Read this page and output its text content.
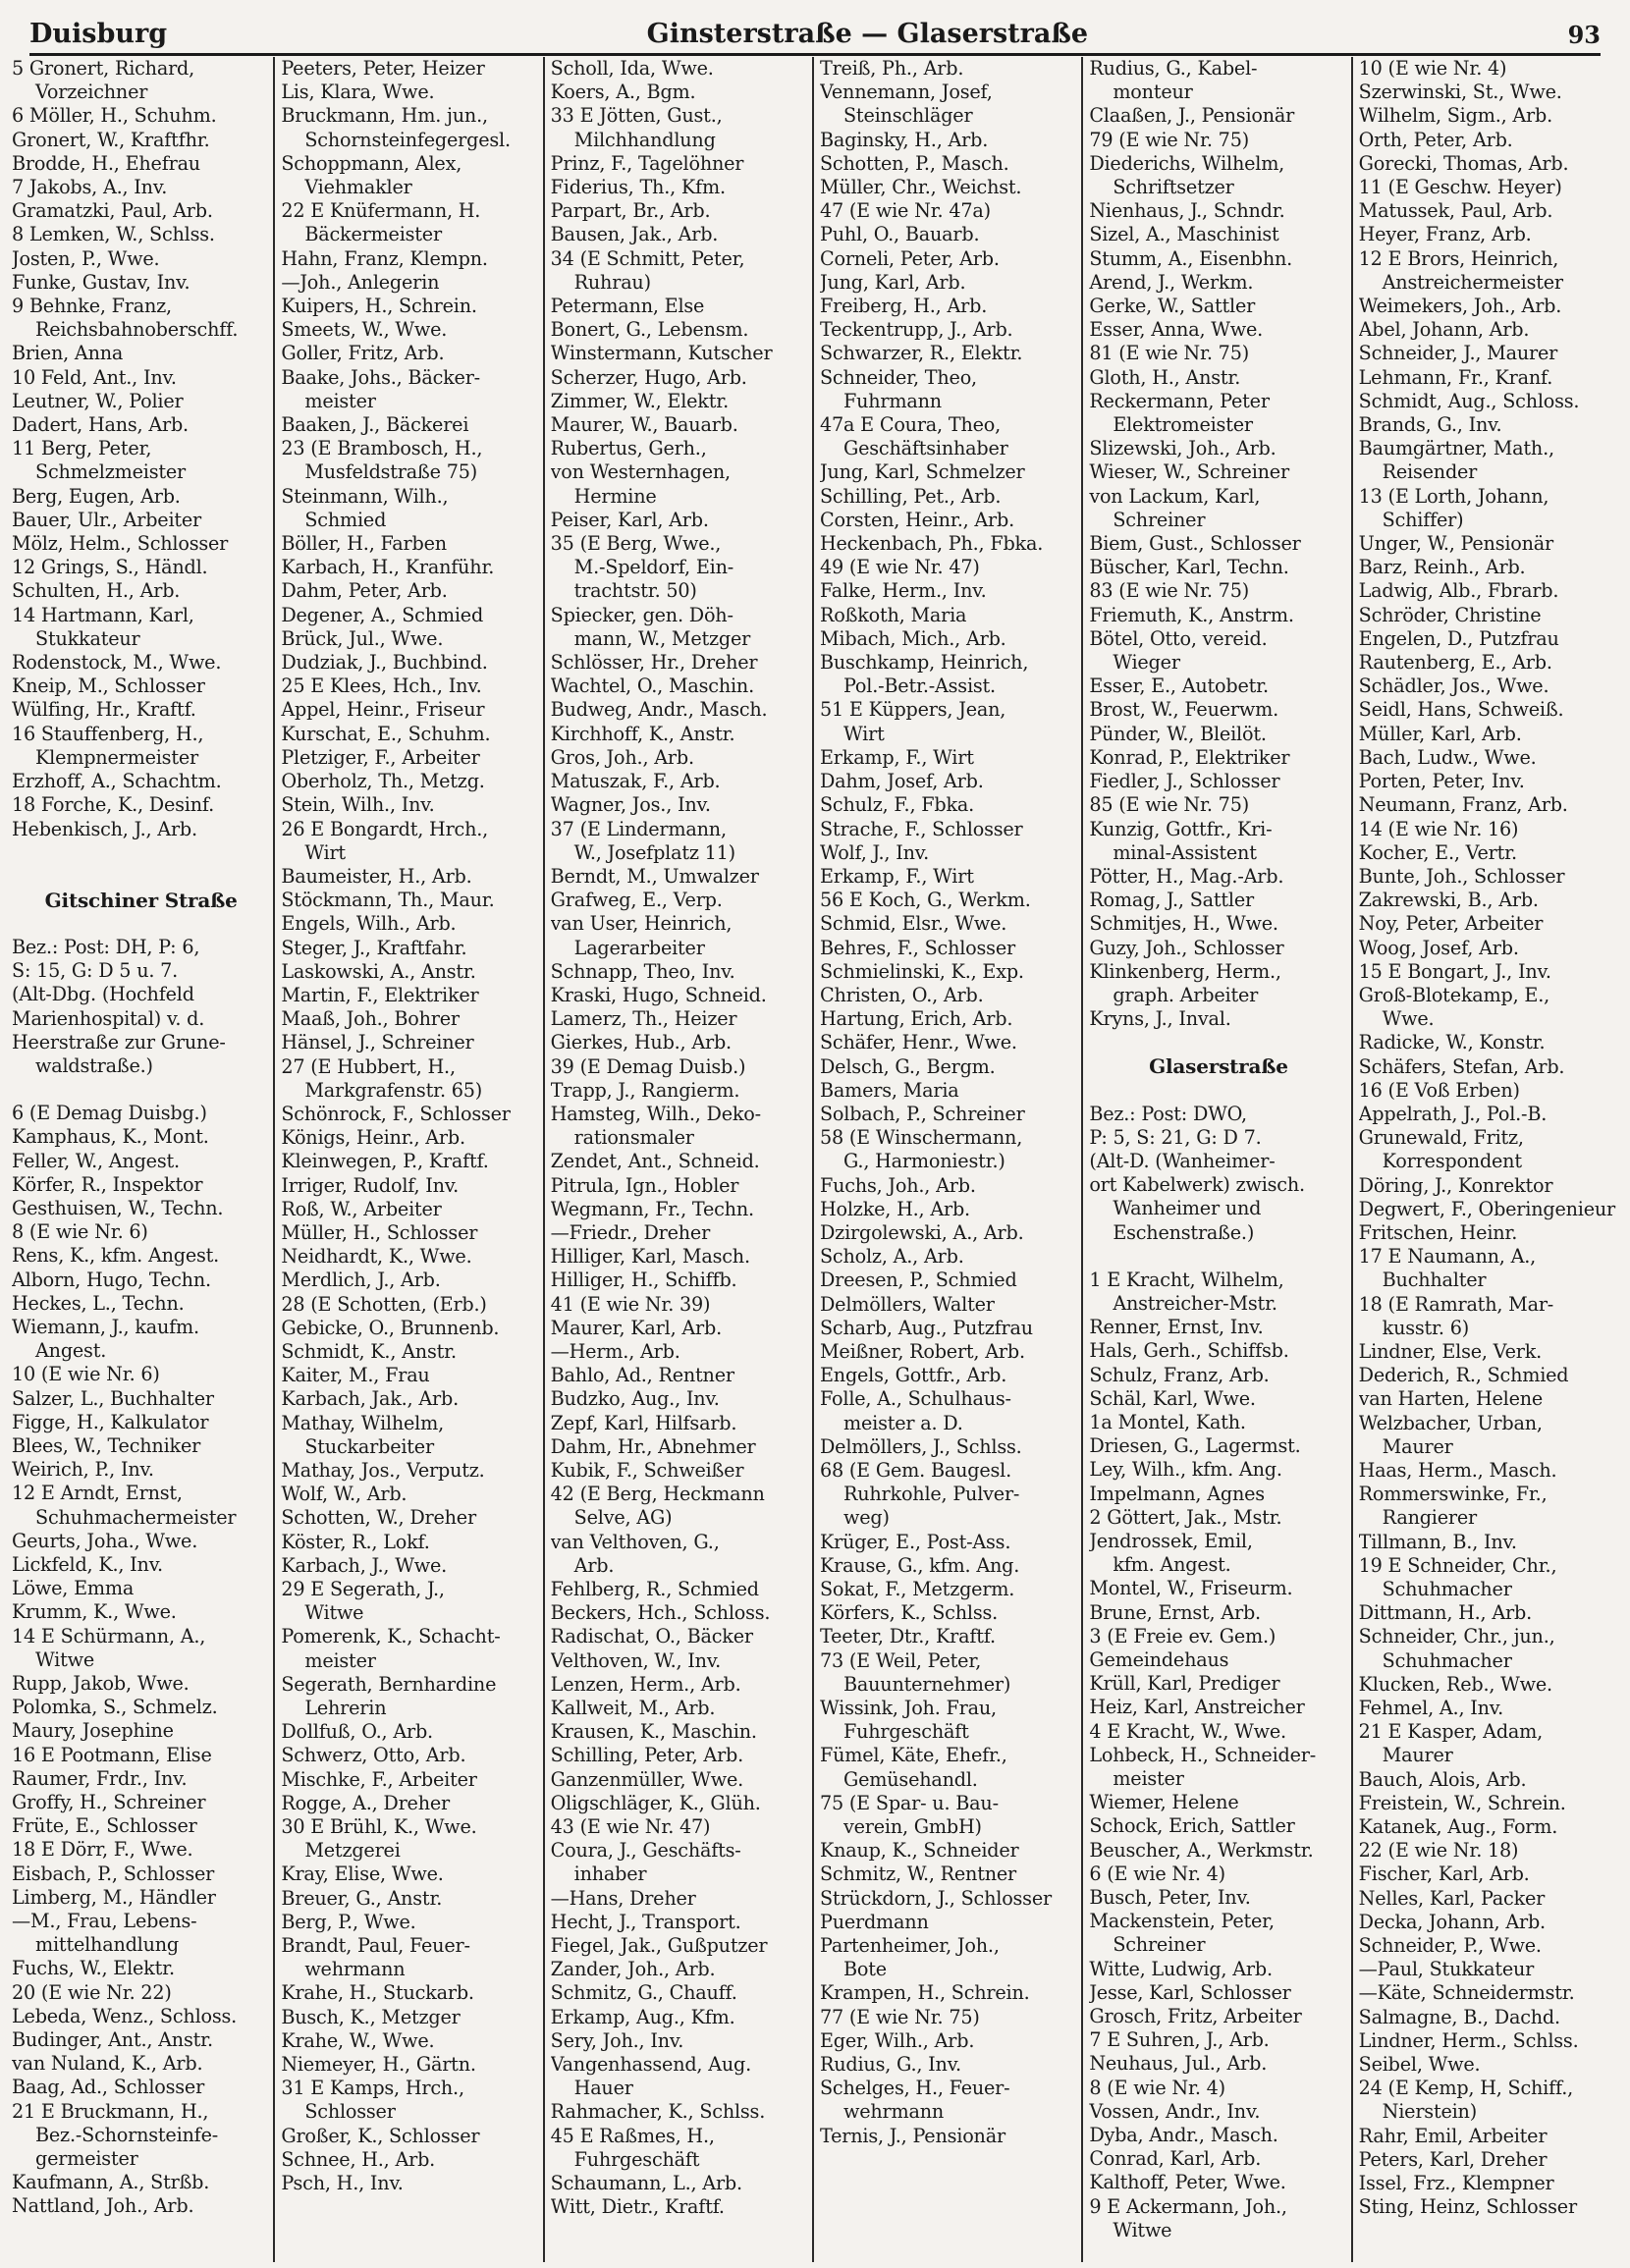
Duisburg	Ginsterstraße — Glaserstraße	93
5 Gronert, Richard,
Vorzeichner
6 Möller, H., Schuhm.
Gronert, W., Kraftfhr.
Brodde, H., Ehefrau
7 Jakobs, A., Inv.
Gramatzki, Paul, Arb.
8 Lemken, W., Schlss.
Josten, P., Wwe.
Funke, Gustav, Inv.
9 Behnke, Franz,
Reichsbahnoberschff.
Brien, Anna
10 Feld, Ant., Inv.
Leutner, W., Polier
Dadert, Hans, Arb.
11 Berg, Peter,
Schmelzmeister
Berg, Eugen, Arb.
Bauer, Ulr., Arbeiter
Mölz, Helm., Schlosser
12 Grings, S., Händl.
Schulten, H., Arb.
14 Hartmann, Karl,
Stukkateur
Rodenstock, M., Wwe.
Kneip, M., Schlosser
Wülfing, Hr., Kraftf.
16 Stauffenberg, H.,
Klempnermeister
Erzhoff, A., Schachtm.
18 Forche, K., Desinf.
Hebenkisch, J., Arb.
Gitschiner Straße
Bez.: Post: DH, P: 6,
S: 15, G: D 5 u. 7.
(Alt-Dbg. (Hochfeld
Marienhospital) v. d.
Heerstraße zur Grune-
waldstraße.)
6 (E Demag Duisbg.)
Kamphaus, K., Mont.
Feller, W., Angest.
Körfer, R., Inspektor
Gesthuisen, W., Techn.
8 (E wie Nr. 6)
Rens, K., kfm. Angest.
Alborn, Hugo, Techn.
Heckes, L., Techn.
Wiemann, J., kaufm.
Angest.
10 (E wie Nr. 6)
Salzer, L., Buchhalter
Figge, H., Kalkulator
Blees, W., Techniker
Weirich, P., Inv.
12 E Arndt, Ernst,
Schuhmachermeister
Geurts, Joha., Wwe.
Lickfeld, K., Inv.
Löwe, Emma
Krumm, K., Wwe.
14 E Schürmann, A.,
Witwe
Rupp, Jakob, Wwe.
Polomka, S., Schmelz.
Maury, Josephine
16 E Pootmann, Elise
Raumer, Frdr., Inv.
Groffy, H., Schreiner
Früte, E., Schlosser
18 E Dörr, F., Wwe.
Eisbach, P., Schlosser
Limberg, M., Händler
—M., Frau, Lebens-
mittelhandlung
Fuchs, W., Elektr.
20 (E wie Nr. 22)
Lebeda, Wenz., Schloss.
Budinger, Ant., Anstr.
van Nuland, K., Arb.
Baag, Ad., Schlosser
21 E Bruckmann, H.,
Bez.-Schornsteinfe-
germeister
Kaufmann, A., Strßb.
Nattland, Joh., Arb.
Peeters, Peter, Heizer
Lis, Klara, Wwe.
Bruckmann, Hm. jun.,
Schornsteinfegergesl.
Schoppmann, Alex,
Viehmakler
22 E Knüfermann, H.
Bäckermeister
Hahn, Franz, Klempn.
—Joh., Anlegerin
Kuipers, H., Schrein.
Smeets, W., Wwe.
Goller, Fritz, Arb.
Baake, Johs., Bäcker-
meister
Baaken, J., Bäckerei
23 (E Brambosch, H.,
Musfeldstraße 75)
Steinmann, Wilh.,
Schmied
Böller, H., Farben
Karbach, H., Kranführ.
Dahm, Peter, Arb.
Degener, A., Schmied
Brück, Jul., Wwe.
Dudziak, J., Buchbind.
25 E Klees, Hch., Inv.
Appel, Heinr., Friseur
Kurschat, E., Schuhm.
Pletziger, F., Arbeiter
Oberholz, Th., Metzg.
Stein, Wilh., Inv.
26 E Bongardt, Hrch.,
Wirt
Baumeister, H., Arb.
Stöckmann, Th., Maur.
Engels, Wilh., Arb.
Steger, J., Kraftfahr.
Laskowski, A., Anstr.
Martin, F., Elektriker
Maaß, Joh., Bohrer
Hänsel, J., Schreiner
27 (E Hubbert, H.,
Markgrafenstr. 65)
Schönrock, F., Schlosser
Königs, Heinr., Arb.
Kleinwegen, P., Kraftf.
Irriger, Rudolf, Inv.
Roß, W., Arbeiter
Müller, H., Schlosser
Neidhardt, K., Wwe.
Merdlich, J., Arb.
28 (E Schotten, (Erb.)
Gebicke, O., Brunnenb.
Schmidt, K., Anstr.
Kaiter, M., Frau
Karbach, Jak., Arb.
Mathay, Wilhelm,
Stuckarbeiter
Mathay, Jos., Verputz.
Wolf, W., Arb.
Schotten, W., Dreher
Köster, R., Lokf.
Karbach, J., Wwe.
29 E Segerath, J.,
Witwe
Pomerenk, K., Schacht-
meister
Segerath, Bernhardine
Lehrerin
Dollfuß, O., Arb.
Schwerz, Otto, Arb.
Mischke, F., Arbeiter
Rogge, A., Dreher
30 E Brühl, K., Wwe.
Metzgerei
Kray, Elise, Wwe.
Breuer, G., Anstr.
Berg, P., Wwe.
Brandt, Paul, Feuer-
wehrmann
Krahe, H., Stuckarb.
Busch, K., Metzger
Krahe, W., Wwe.
Niemeyer, H., Gärtn.
31 E Kamps, Hrch.,
Schlosser
Großer, K., Schlosser
Schnee, H., Arb.
Psch, H., Inv.
Scholl, Ida, Wwe.
Koers, A., Bgm.
33 E Jötten, Gust.,
Milchhandlung
Prinz, F., Tagelöhner
Fiderius, Th., Kfm.
Parpart, Br., Arb.
Bausen, Jak., Arb.
34 (E Schmitt, Peter,
Ruhrau)
Petermann, Else
Bonert, G., Lebensm.
Winstermann, Kutscher
Scherzer, Hugo, Arb.
Zimmer, W., Elektr.
Maurer, W., Bauarb.
Rubertus, Gerh.,
von Westernhagen,
Hermine
Peiser, Karl, Arb.
35 (E Berg, Wwe.,
M.-Speldorf, Ein-
trachtstr. 50)
Spiecker, gen. Döh-
mann, W., Metzger
Schlösser, Hr., Dreher
Wachtel, O., Maschin.
Budweg, Andr., Masch.
Kirchhoff, K., Anstr.
Gros, Joh., Arb.
Matuszak, F., Arb.
Wagner, Jos., Inv.
37 (E Lindermann,
W., Josefplatz 11)
Berndt, M., Umwalzer
Grafweg, E., Verp.
van User, Heinrich,
Lagerarbeiter
Schnapp, Theo, Inv.
Kraski, Hugo, Schneid.
Lamerz, Th., Heizer
Gierkes, Hub., Arb.
39 (E Demag Duisb.)
Trapp, J., Rangierm.
Hamsteg, Wilh., Deko-
rationsmaler
Zendet, Ant., Schneid.
Pitrula, Ign., Hobler
Wegmann, Fr., Techn.
—Friedr., Dreher
Hilliger, Karl, Masch.
Hilliger, H., Schiffb.
41 (E wie Nr. 39)
Maurer, Karl, Arb.
—Herm., Arb.
Bahlo, Ad., Rentner
Budzko, Aug., Inv.
Zepf, Karl, Hilfsarb.
Dahm, Hr., Abnehmer
Kubik, F., Schweißer
42 (E Berg, Heckmann
Selve, AG)
van Velthoven, G.,
Arb.
Fehlberg, R., Schmied
Beckers, Hch., Schloss.
Radischat, O., Bäcker
Velthoven, W., Inv.
Lenzen, Herm., Arb.
Kallweit, M., Arb.
Krausen, K., Maschin.
Schilling, Peter, Arb.
Ganzenmüller, Wwe.
Oligschläger, K., Glüh.
43 (E wie Nr. 47)
Coura, J., Geschäfts-
inhaber
—Hans, Dreher
Hecht, J., Transport.
Fiegel, Jak., Gußputzer
Zander, Joh., Arb.
Schmitz, G., Chauff.
Erkamp, Aug., Kfm.
Sery, Joh., Inv.
Vangenhassend, Aug.
Hauer
Rahmacher, K., Schlss.
45 E Raßmes, H.,
Fuhrgeschäft
Schaumann, L., Arb.
Witt, Dietr., Kraftf.
Treiß, Ph., Arb.
Vennemann, Josef,
Steinschläger
Baginsky, H., Arb.
Schotten, P., Masch.
Müller, Chr., Weichst.
47 (E wie Nr. 47a)
Puhl, O., Bauarb.
Corneli, Peter, Arb.
Jung, Karl, Arb.
Freiberg, H., Arb.
Teckentrupp, J., Arb.
Schwarzer, R., Elektr.
Schneider, Theo,
Fuhrmann
47a E Coura, Theo,
Geschäftsinhaber
Jung, Karl, Schmelzer
Schilling, Pet., Arb.
Corsten, Heinr., Arb.
Heckenbach, Ph., Fbka.
49 (E wie Nr. 47)
Falke, Herm., Inv.
Roßkoth, Maria
Mibach, Mich., Arb.
Buschkamp, Heinrich,
Pol.-Betr.-Assist.
51 E Küppers, Jean,
Wirt
Erkamp, F., Wirt
Dahm, Josef, Arb.
Schulz, F., Fbka.
Strache, F., Schlosser
Wolf, J., Inv.
Erkamp, F., Wirt
56 E Koch, G., Werkm.
Schmid, Elsr., Wwe.
Behres, F., Schlosser
Schmielinski, K., Exp.
Christen, O., Arb.
Hartung, Erich, Arb.
Schäfer, Henr., Wwe.
Delsch, G., Bergm.
Bamers, Maria
Solbach, P., Schreiner
58 (E Winschermann,
G., Harmoniestr.)
Fuchs, Joh., Arb.
Holzke, H., Arb.
Dzirgolewski, A., Arb.
Scholz, A., Arb.
Dreesen, P., Schmied
Delmöllers, Walter
Scharb, Aug., Putzfrau
Meißner, Robert, Arb.
Engels, Gottfr., Arb.
Folle, A., Schulhaus-
meister a. D.
Delmöllers, J., Schlss.
68 (E Gem. Baugesl.
Ruhrkohle, Pulver-
weg)
Krüger, E., Post-Ass.
Krause, G., kfm. Ang.
Sokat, F., Metzgerm.
Körfers, K., Schlss.
Teeter, Dtr., Kraftf.
73 (E Weil, Peter,
Bauunternehmer)
Wissink, Joh. Frau,
Fuhrgeschäft
Fümel, Käte, Ehefr.,
Gemüsehandl.
75 (E Spar- u. Bau-
verein, GmbH)
Knaup, K., Schneider
Schmitz, W., Rentner
Strückdorn, J., Schlosser
Puerdmann
Partenheimer, Joh.,
Bote
Krampen, H., Schrein.
77 (E wie Nr. 75)
Eger, Wilh., Arb.
Rudius, G., Inv.
Schelges, H., Feuer-
wehrmann
Ternis, J., Pensionär
Rudius, G., Kabel-
monteur
Claaßen, J., Pensionär
79 (E wie Nr. 75)
Diederichs, Wilhelm,
Schriftsetzer
Nienhaus, J., Schndr.
Sizel, A., Maschinist
Stumm, A., Eisenbhn.
Arend, J., Werkm.
Gerke, W., Sattler
Esser, Anna, Wwe.
81 (E wie Nr. 75)
Gloth, H., Anstr.
Reckermann, Peter
Elektromeister
Slizewski, Joh., Arb.
Wieser, W., Schreiner
von Lackum, Karl,
Schreiner
Biem, Gust., Schlosser
Büscher, Karl, Techn.
83 (E wie Nr. 75)
Friemuth, K., Anstrm.
Bötel, Otto, vereid.
Wieger
Esser, E., Autobetr.
Brost, W., Feuerwm.
Pünder, W., Bleilöt.
Konrad, P., Elektriker
Fiedler, J., Schlosser
85 (E wie Nr. 75)
Kunzig, Gottfr., Kri-
minal-Assistent
Pötter, H., Mag.-Arb.
Romag, J., Sattler
Schmitjes, H., Wwe.
Guzy, Joh., Schlosser
Klinkenberg, Herm.,
graph. Arbeiter
Kryns, J., Inval.
Glaserstraße
Bez.: Post: DWO,
P: 5, S: 21, G: D 7.
(Alt-D. (Wanheimer-
ort Kabelwerk) zwisch.
Wanheimer und
Eschenstraße.)
1 E Kracht, Wilhelm,
Anstreicher-Mstr.
Renner, Ernst, Inv.
Hals, Gerh., Schiffsb.
Schulz, Franz, Arb.
Schäl, Karl, Wwe.
1a Montel, Kath.
Driesen, G., Lagermst.
Ley, Wilh., kfm. Ang.
Impelmann, Agnes
2 Göttert, Jak., Mstr.
Jendrossek, Emil,
kfm. Angest.
Montel, W., Friseurm.
Brune, Ernst, Arb.
3 (E Freie ev. Gem.)
Gemeindehaus
Krüll, Karl, Prediger
Heiz, Karl, Anstreicher
4 E Kracht, W., Wwe.
Lohbeck, H., Schneider-
meister
Wiemer, Helene
Schock, Erich, Sattler
Beuscher, A., Werkmstr.
6 (E wie Nr. 4)
Busch, Peter, Inv.
Mackenstein, Peter,
Schreiner
Witte, Ludwig, Arb.
Jesse, Karl, Schlosser
Grosch, Fritz, Arbeiter
7 E Suhren, J., Arb.
Neuhaus, Jul., Arb.
8 (E wie Nr. 4)
Vossen, Andr., Inv.
Dyba, Andr., Masch.
Conrad, Karl, Arb.
Kalthoff, Peter, Wwe.
9 E Ackermann, Joh.,
Witwe
10 (E wie Nr. 4)
Szerwinski, St., Wwe.
Wilhelm, Sigm., Arb.
Orth, Peter, Arb.
Gorecki, Thomas, Arb.
11 (E Geschw. Heyer)
Matussek, Paul, Arb.
Heyer, Franz, Arb.
12 E Brors, Heinrich,
Anstreichermeister
Weimekers, Joh., Arb.
Abel, Johann, Arb.
Schneider, J., Maurer
Lehmann, Fr., Kranf.
Schmidt, Aug., Schloss.
Brands, G., Inv.
Baumgärtner, Math.,
Reisender
13 (E Lorth, Johann,
Schiffer)
Unger, W., Pensionär
Barz, Reinh., Arb.
Ladwig, Alb., Fbrarb.
Schröder, Christine
Engelen, D., Putzfrau
Rautenberg, E., Arb.
Schädler, Jos., Wwe.
Seidl, Hans, Schweiß.
Müller, Karl, Arb.
Bach, Ludw., Wwe.
Porten, Peter, Inv.
Neumann, Franz, Arb.
14 (E wie Nr. 16)
Kocher, E., Vertr.
Bunte, Joh., Schlosser
Zakrewski, B., Arb.
Noy, Peter, Arbeiter
Woog, Josef, Arb.
15 E Bongart, J., Inv.
Groß-Blotekamp, E.,
Wwe.
Radicke, W., Konstr.
Schäfers, Stefan, Arb.
16 (E Voß Erben)
Appelrath, J., Pol.-B.
Grunewald, Fritz,
Korrespondent
Döring, J., Konrektor
Degwert, F., Oberingenieur
Fritschen, Heinr.
17 E Naumann, A.,
Buchhalter
18 (E Ramrath, Mar-
kusstr. 6)
Lindner, Else, Verk.
Dederich, R., Schmied
van Harten, Helene
Welzbacher, Urban,
Maurer
Haas, Herm., Masch.
Rommerswinke, Fr.,
Rangierer
Tillmann, B., Inv.
19 E Schneider, Chr.,
Schuhmacher
Dittmann, H., Arb.
Schneider, Chr., jun.,
Schuhmacher
Klucken, Reb., Wwe.
Fehmel, A., Inv.
21 E Kasper, Adam,
Maurer
Bauch, Alois, Arb.
Freistein, W., Schrein.
Katanek, Aug., Form.
22 (E wie Nr. 18)
Fischer, Karl, Arb.
Nelles, Karl, Packer
Decka, Johann, Arb.
Schneider, P., Wwe.
—Paul, Stukkateur
—Käte, Schneidermstr.
Salmagne, B., Dachd.
Lindner, Herm., Schlss.
Seibel, Wwe.
24 (E Kemp, H, Schiff.,
Nierstein)
Rahr, Emil, Arbeiter
Peters, Karl, Dreher
Issel, Frz., Klempner
Sting, Heinz, Schlosser
